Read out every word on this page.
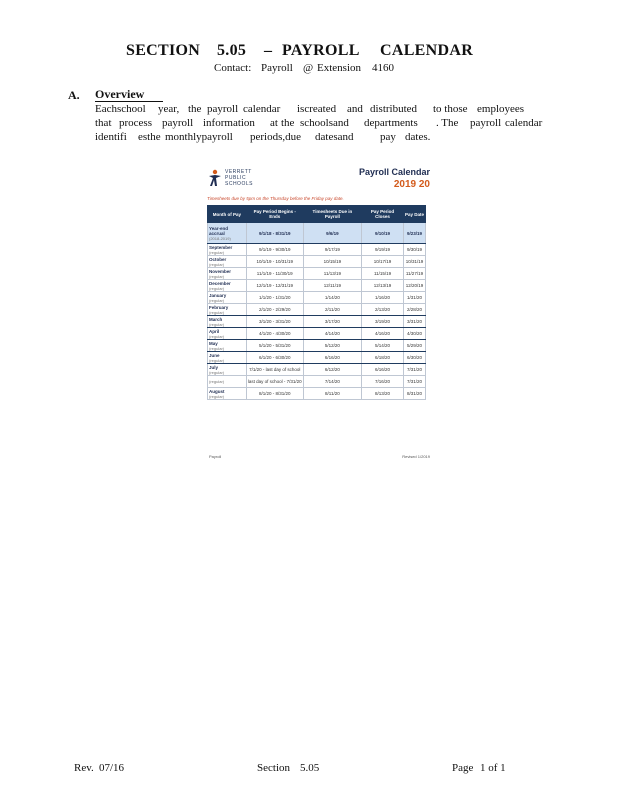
SECTION 5.05 – PAYROLL CALENDAR
Contact: Payroll @ Extension 4160
A. Overview
Eachschool year, the payroll calendar iscreated and distributed to those employees
that process payroll information at the schoolsand departments . The payroll calendar
identifi esthe monthlypayroll periods,due datesand pay dates.
VERRETT
PUBLIC
SCHOOLS
Payroll Calendar
2019 20
Timesheets due by 5pm on the Thursday before the Friday pay date.
Month of Pay	Pay Period Begins - Ends	Timesheets Due in Payroll	Pay Period Closes	Pay Date
Year-end accrual
(2018-2019)	9/1/18 - 8/31/19	9/6/19	9/10/19	9/23/19
September
(regular)	9/1/19 - 9/30/19	9/17/19	9/19/19	9/30/19
October
(regular)	10/1/19 - 10/31/19	10/15/19	10/17/19	10/31/19
November
(regular)	11/1/19 - 11/30/19	11/13/19	11/15/19	11/27/19
December
(regular)	12/1/19 - 12/31/19	12/11/19	12/13/19	12/20/19
January
(regular)	1/1/20 - 1/31/20	1/14/20	1/16/20	1/31/20
February
(regular)	2/1/20 - 2/29/20	2/11/20	2/13/20	2/28/20
March
(regular)	3/1/20 - 3/31/20	3/17/20	3/19/20	3/31/20
April
(regular)	4/1/20 - 4/30/20	4/14/20	4/16/20	4/30/20
May
(regular)	5/1/20 - 5/31/20	5/12/20	5/14/20	5/29/20
June
(regular)	6/1/20 - 6/30/20	6/16/20	6/18/20	6/30/20
July
(regular)	7/1/20 - last day of school	6/12/20	6/16/20	7/31/20

(regular)	last day of school - 7/31/20	7/14/20	7/16/20	7/31/20
August
(regular)	8/1/20 - 8/31/20	8/11/20	8/13/20	8/31/20
Payroll	Revised 1/2019
Rev. 07/16	Section 5.05	Page 1 of 1
